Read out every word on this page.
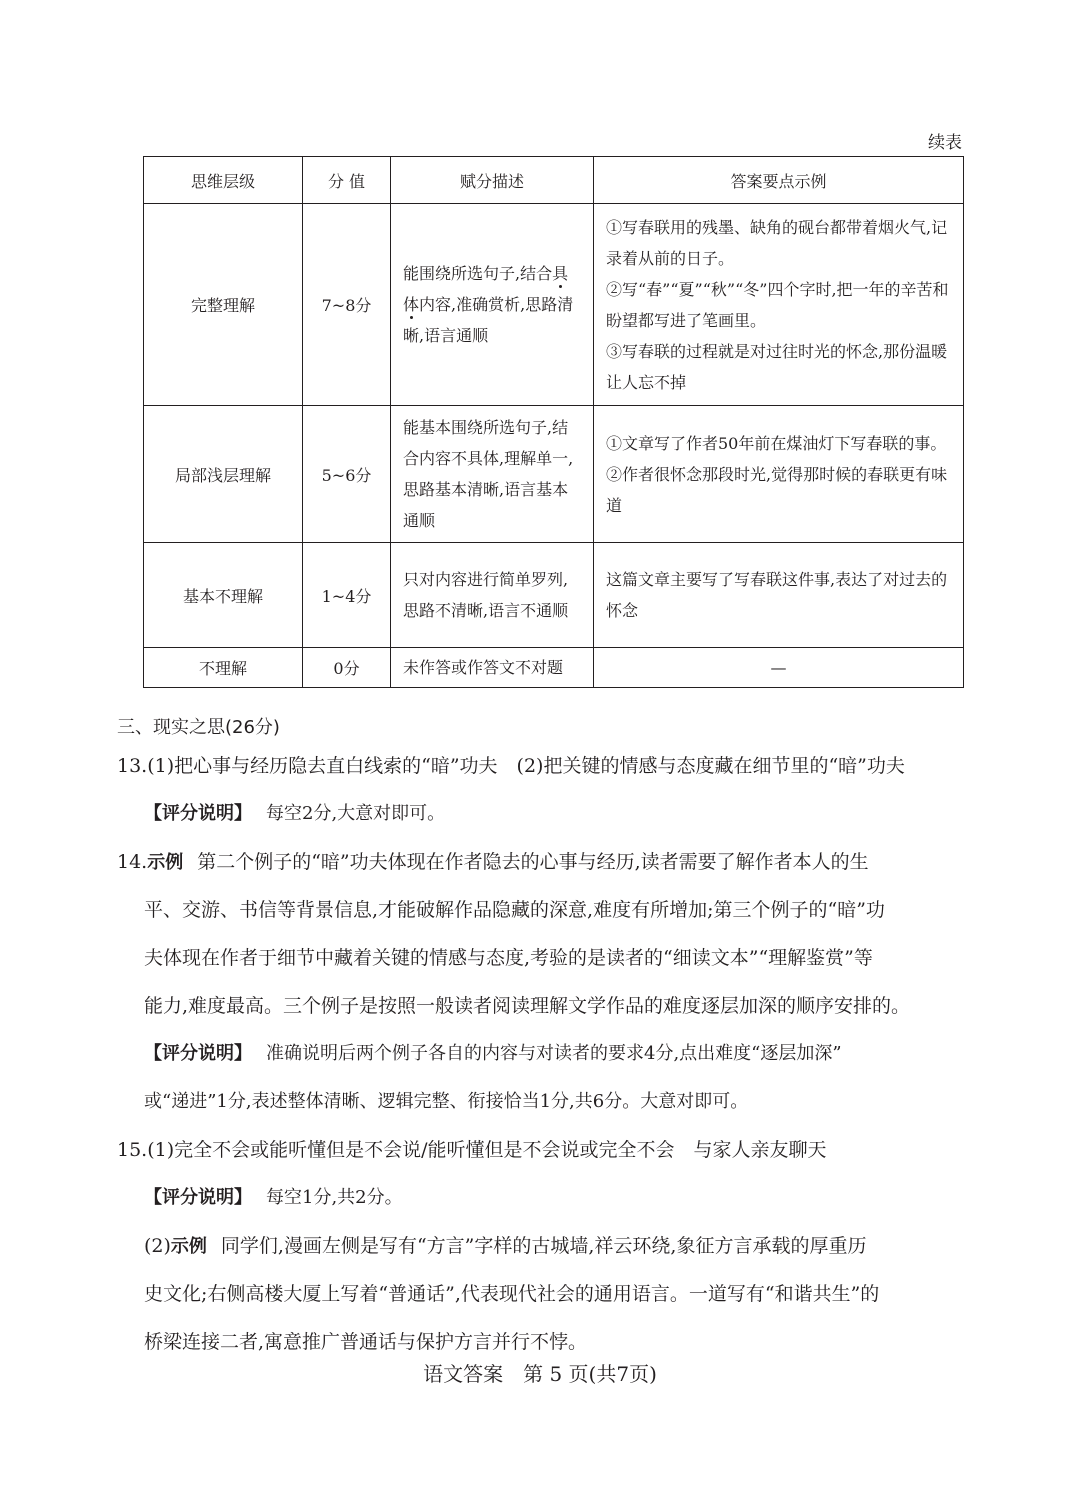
续表
思维层级	分 值	赋分描述	答案要点示例
完整理解	7~8分	能围绕所选句子,结合具体内容,准确赏析,思路清晰,语言通顺	①写春联用的残墨、缺角的砚台都带着烟火气,记录着从前的日子。
②写“春”“夏”“秋”“冬”四个字时,把一年的辛苦和盼望都写进了笔画里。
③写春联的过程就是对过往时光的怀念,那份温暖让人忘不掉

局部浅层理解	5~6分	能基本围绕所选句子,结合内容不具体,理解单一,思路基本清晰,语言基本通顺	①文章写了作者50年前在煤油灯下写春联的事。
②作者很怀念那段时光,觉得那时候的春联更有味道

基本不理解	1~4分	只对内容进行简单罗列,思路不清晰,语言不通顺	这篇文章主要写了写春联这件事,表达了对过去的怀念

不理解	0分	未作答或作答文不对题	—
三、现实之思(26分)
13.(1)把心事与经历隐去直白线索的“暗”功夫　(2)把关键的情感与态度藏在细节里的“暗”功夫
【评分说明】 每空2分,大意对即可。
14.示例 第二个例子的“暗”功夫体现在作者隐去的心事与经历,读者需要了解作者本人的生
平、交游、书信等背景信息,才能破解作品隐藏的深意,难度有所增加;第三个例子的“暗”功
夫体现在作者于细节中藏着关键的情感与态度,考验的是读者的“细读文本”“理解鉴赏”等
能力,难度最高。三个例子是按照一般读者阅读理解文学作品的难度逐层加深的顺序安排的。
【评分说明】 准确说明后两个例子各自的内容与对读者的要求4分,点出难度“逐层加深”
或“递进”1分,表述整体清晰、逻辑完整、衔接恰当1分,共6分。大意对即可。
15.(1)完全不会或能听懂但是不会说/能听懂但是不会说或完全不会　与家人亲友聊天
【评分说明】 每空1分,共2分。
(2)示例 同学们,漫画左侧是写有“方言”字样的古城墙,祥云环绕,象征方言承载的厚重历
史文化;右侧高楼大厦上写着“普通话”,代表现代社会的通用语言。一道写有“和谐共生”的
桥梁连接二者,寓意推广普通话与保护方言并行不悖。
语文答案　第 5 页(共7页)
